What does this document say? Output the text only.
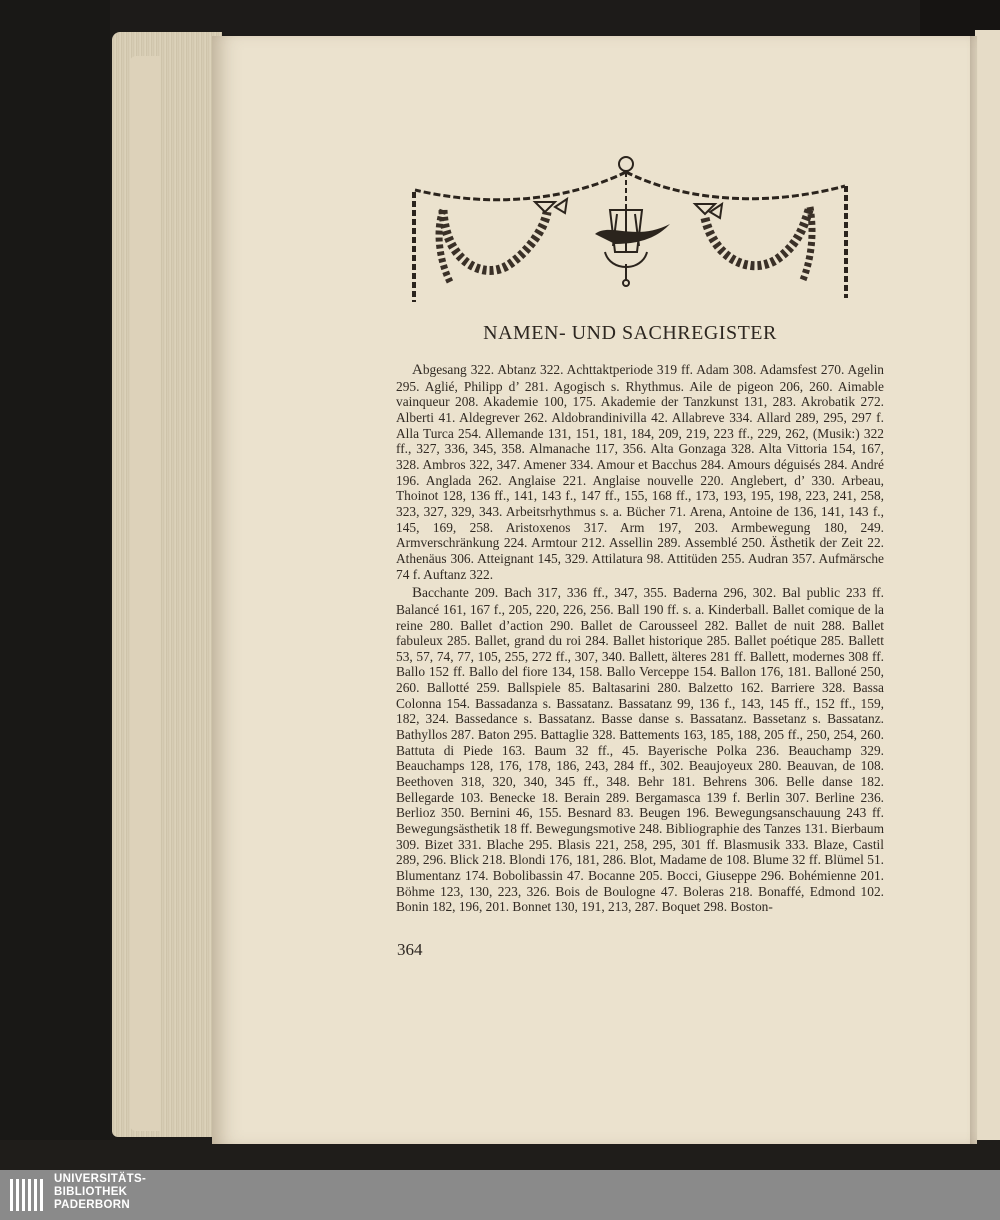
NAMEN- UND SACHREGISTER

Abgesang 322. Abtanz 322. Achttaktperiode 319 ff. Adam 308. Adamsfest 270. Agelin 295. Aglié, Philipp d’ 281. Agogisch s. Rhythmus. Aile de pigeon 206, 260. Aimable vainqueur 208. Akademie 100, 175. Akademie der Tanzkunst 131, 283. Akrobatik 272. Alberti 41. Aldegrever 262. Aldobrandinivilla 42. Allabreve 334. Allard 289, 295, 297 f. Alla Turca 254. Allemande 131, 151, 181, 184, 209, 219, 223 ff., 229, 262, (Musik:) 322 ff., 327, 336, 345, 358. Almanache 117, 356. Alta Gonzaga 328. Alta Vittoria 154, 167, 328. Ambros 322, 347. Amener 334. Amour et Bacchus 284. Amours déguisés 284. André 196. Anglada 262. Anglaise 221. Anglaise nouvelle 220. Anglebert, d’ 330. Arbeau, Thoinot 128, 136 ff., 141, 143 f., 147 ff., 155, 168 ff., 173, 193, 195, 198, 223, 241, 258, 323, 327, 329, 343. Arbeitsrhythmus s. a. Bücher 71. Arena, Antoine de 136, 141, 143 f., 145, 169, 258. Aristoxenos 317. Arm 197, 203. Armbewegung 180, 249. Armverschränkung 224. Armtour 212. Assellin 289. Assemblé 250. Ästhetik der Zeit 22. Athenäus 306. Atteignant 145, 329. Attilatura 98. Attitüden 255. Audran 357. Aufmärsche 74 f. Auftanz 322.

Bacchante 209. Bach 317, 336 ff., 347, 355. Baderna 296, 302. Bal public 233 ff. Balancé 161, 167 f., 205, 220, 226, 256. Ball 190 ff. s. a. Kinderball. Ballet comique de la reine 280. Ballet d’action 290. Ballet de Carousseel 282. Ballet de nuit 288. Ballet fabuleux 285. Ballet, grand du roi 284. Ballet historique 285. Ballet poétique 285. Ballett 53, 57, 74, 77, 105, 255, 272 ff., 307, 340. Ballett, älteres 281 ff. Ballett, modernes 308 ff. Ballo 152 ff. Ballo del fiore 134, 158. Ballo Verceppe 154. Ballon 176, 181. Balloné 250, 260. Ballotté 259. Ballspiele 85. Baltasarini 280. Balzetto 162. Barriere 328. Bassa Colonna 154. Bassadanza s. Bassatanz. Bassatanz 99, 136 f., 143, 145 ff., 152 ff., 159, 182, 324. Bassedance s. Bassatanz. Basse danse s. Bassatanz. Bassetanz s. Bassatanz. Bathyllos 287. Baton 295. Battaglie 328. Battements 163, 185, 188, 205 ff., 250, 254, 260. Battuta di Piede 163. Baum 32 ff., 45. Bayerische Polka 236. Beauchamp 329. Beauchamps 128, 176, 178, 186, 243, 284 ff., 302. Beaujoyeux 280. Beauvan, de 108. Beethoven 318, 320, 340, 345 ff., 348. Behr 181. Behrens 306. Belle danse 182. Bellegarde 103. Benecke 18. Berain 289. Bergamasca 139 f. Berlin 307. Berline 236. Berlioz 350. Bernini 46, 155. Besnard 83. Beugen 196. Bewegungsanschauung 243 ff. Bewegungsästhetik 18 ff. Bewegungsmotive 248. Bibliographie des Tanzes 131. Bierbaum 309. Bizet 331. Blache 295. Blasis 221, 258, 295, 301 ff. Blasmusik 333. Blaze, Castil 289, 296. Blick 218. Blondi 176, 181, 286. Blot, Madame de 108. Blume 32 ff. Blümel 51. Blumentanz 174. Bobolibassin 47. Bocanne 205. Bocci, Giuseppe 296. Bohémienne 201. Böhme 123, 130, 223, 326. Bois de Boulogne 47. Boleras 218. Bonaffé, Edmond 102. Bonin 182, 196, 201. Bonnet 130, 191, 213, 287. Boquet 298. Boston-

364
UNIVERSITÄTS-
BIBLIOTHEK
PADERBORN
